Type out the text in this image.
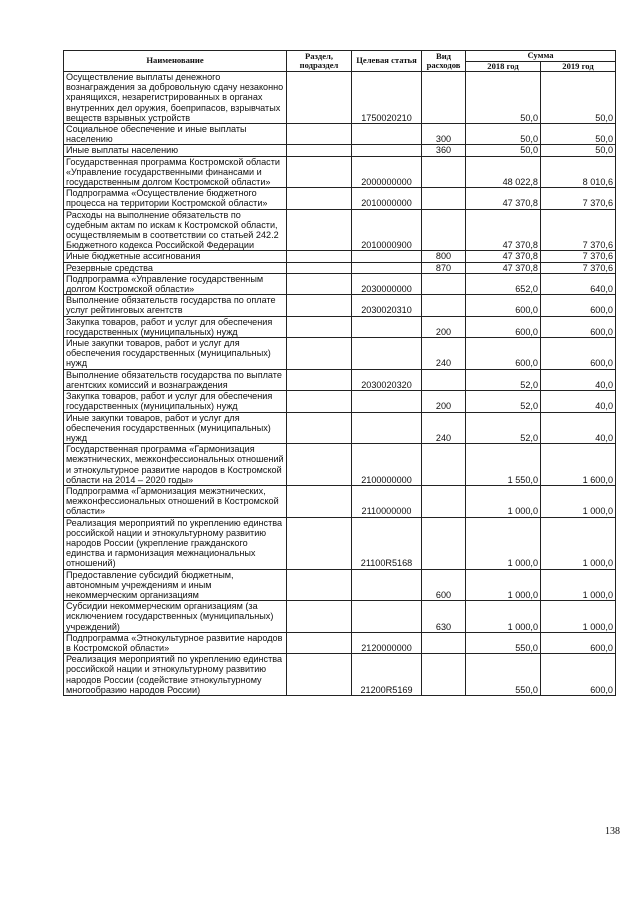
Наименование	Раздел, подраздел	Целевая статья	Вид расходов	Сумма	
				2018 год	2019 год
Осуществление выплаты денежного вознаграждения за добровольную сдачу незаконно хранящихся, незарегистрированных в органах внутренних дел оружия, боеприпасов, взрывчатых веществ взрывных устройств		1750020210		50,0	50,0
Социальное обеспечение и иные выплаты населению			300	50,0	50,0
Иные выплаты населению			360	50,0	50,0
Государственная программа Костромской области «Управление государственными финансами и государственным долгом Костромской области»		2000000000		48 022,8	8 010,6
Подпрограмма «Осуществление бюджетного процесса на территории Костромской области»		2010000000		47 370,8	7 370,6
Расходы на выполнение обязательств по судебным актам по искам к Костромской области, осуществляемым в соответствии со статьей 242.2 Бюджетного кодекса Российской Федерации		2010000900		47 370,8	7 370,6
Иные бюджетные ассигнования			800	47 370,8	7 370,6
Резервные средства			870	47 370,8	7 370,6
Подпрограмма «Управление государственным долгом Костромской области»		2030000000		652,0	640,0
Выполнение обязательств государства по оплате услуг рейтинговых агентств		2030020310		600,0	600,0
Закупка товаров, работ и услуг для обеспечения государственных (муниципальных) нужд			200	600,0	600,0
Иные закупки товаров, работ и услуг для обеспечения государственных (муниципальных) нужд			240	600,0	600,0
Выполнение обязательств государства по выплате агентских комиссий и вознаграждения		2030020320		52,0	40,0
Закупка товаров, работ и услуг для обеспечения государственных (муниципальных) нужд			200	52,0	40,0
Иные закупки товаров, работ и услуг для обеспечения государственных (муниципальных) нужд			240	52,0	40,0
Государственная программа «Гармонизация межэтнических, межконфессиональных отношений и этнокультурное развитие народов в Костромской области на 2014 – 2020 годы»		2100000000		1 550,0	1 600,0
Подпрограмма «Гармонизация межэтнических, межконфессиональных отношений в Костромской области»		2110000000		1 000,0	1 000,0
Реализация мероприятий по укреплению единства российской нации и этнокультурному развитию народов России (укрепление гражданского единства и гармонизация межнациональных отношений)		21100R5168		1 000,0	1 000,0
Предоставление субсидий бюджетным, автономным учреждениям и иным некоммерческим организациям			600	1 000,0	1 000,0
Субсидии некоммерческим организациям (за исключением государственных (муниципальных) учреждений)			630	1 000,0	1 000,0
Подпрограмма «Этнокультурное развитие народов в Костромской области»		2120000000		550,0	600,0
Реализация мероприятий по укреплению единства российской нации и этнокультурному развитию народов России (содействие этнокультурному многообразию народов России)		21200R5169		550,0	600,0
138
